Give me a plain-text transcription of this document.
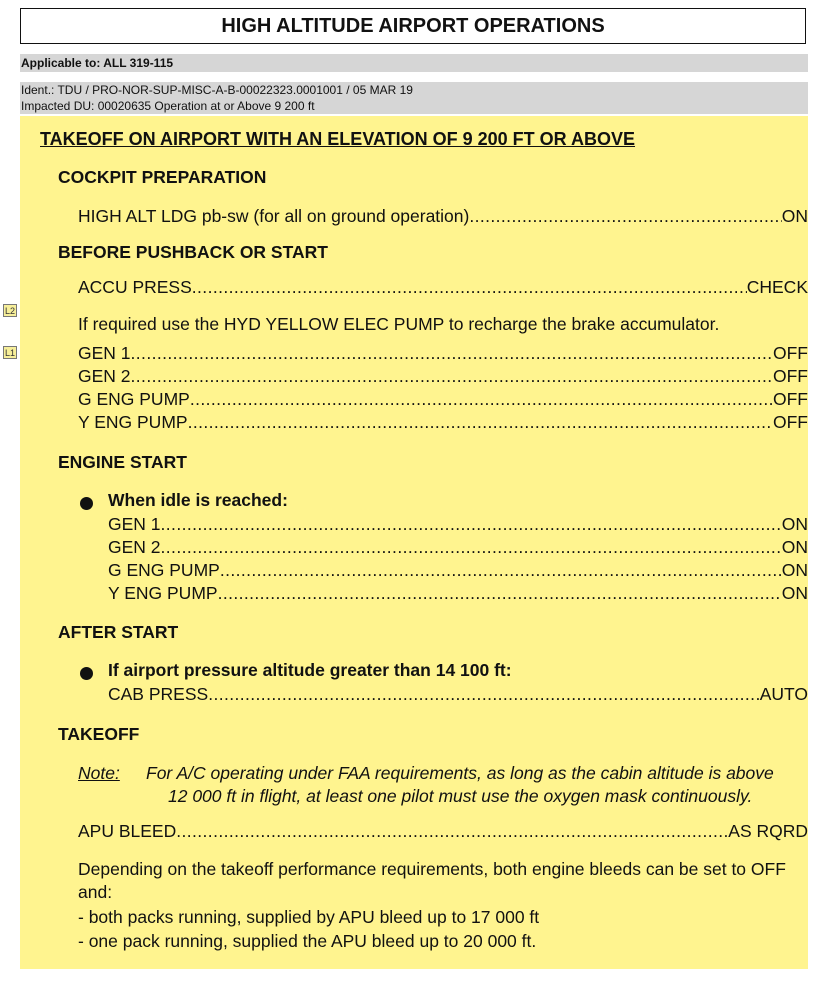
HIGH ALTITUDE AIRPORT OPERATIONS
Applicable to: ALL 319-115
Ident.: TDU / PRO-NOR-SUP-MISC-A-B-00022323.0001001 / 05 MAR 19
Impacted DU: 00020635 Operation at or Above 9 200 ft
TAKEOFF ON AIRPORT WITH AN ELEVATION OF 9 200 FT OR ABOVE
COCKPIT PREPARATION
HIGH ALT LDG pb-sw (for all on ground operation) .....	ON
BEFORE PUSHBACK OR START
ACCU PRESS .....	CHECK
L2
If required use the HYD YELLOW ELEC PUMP to recharge the brake accumulator.
L1	GEN 1 .....	OFF
GEN 2 .....	OFF
G ENG PUMP .....	OFF
Y ENG PUMP .....	OFF
ENGINE START
When idle is reached:
GEN 1 .....	ON
GEN 2 .....	ON
G ENG PUMP .....	ON
Y ENG PUMP .....	ON
AFTER START
If airport pressure altitude greater than 14 100 ft:
CAB PRESS .....	AUTO
TAKEOFF
Note: For A/C operating under FAA requirements, as long as the cabin altitude is above
12 000 ft in flight, at least one pilot must use the oxygen mask continuously.
APU BLEED .....	AS RQRD
Depending on the takeoff performance requirements, both engine bleeds can be set to OFF
and:
- both packs running, supplied by APU bleed up to 17 000 ft
- one pack running, supplied the APU bleed up to 20 000 ft.
